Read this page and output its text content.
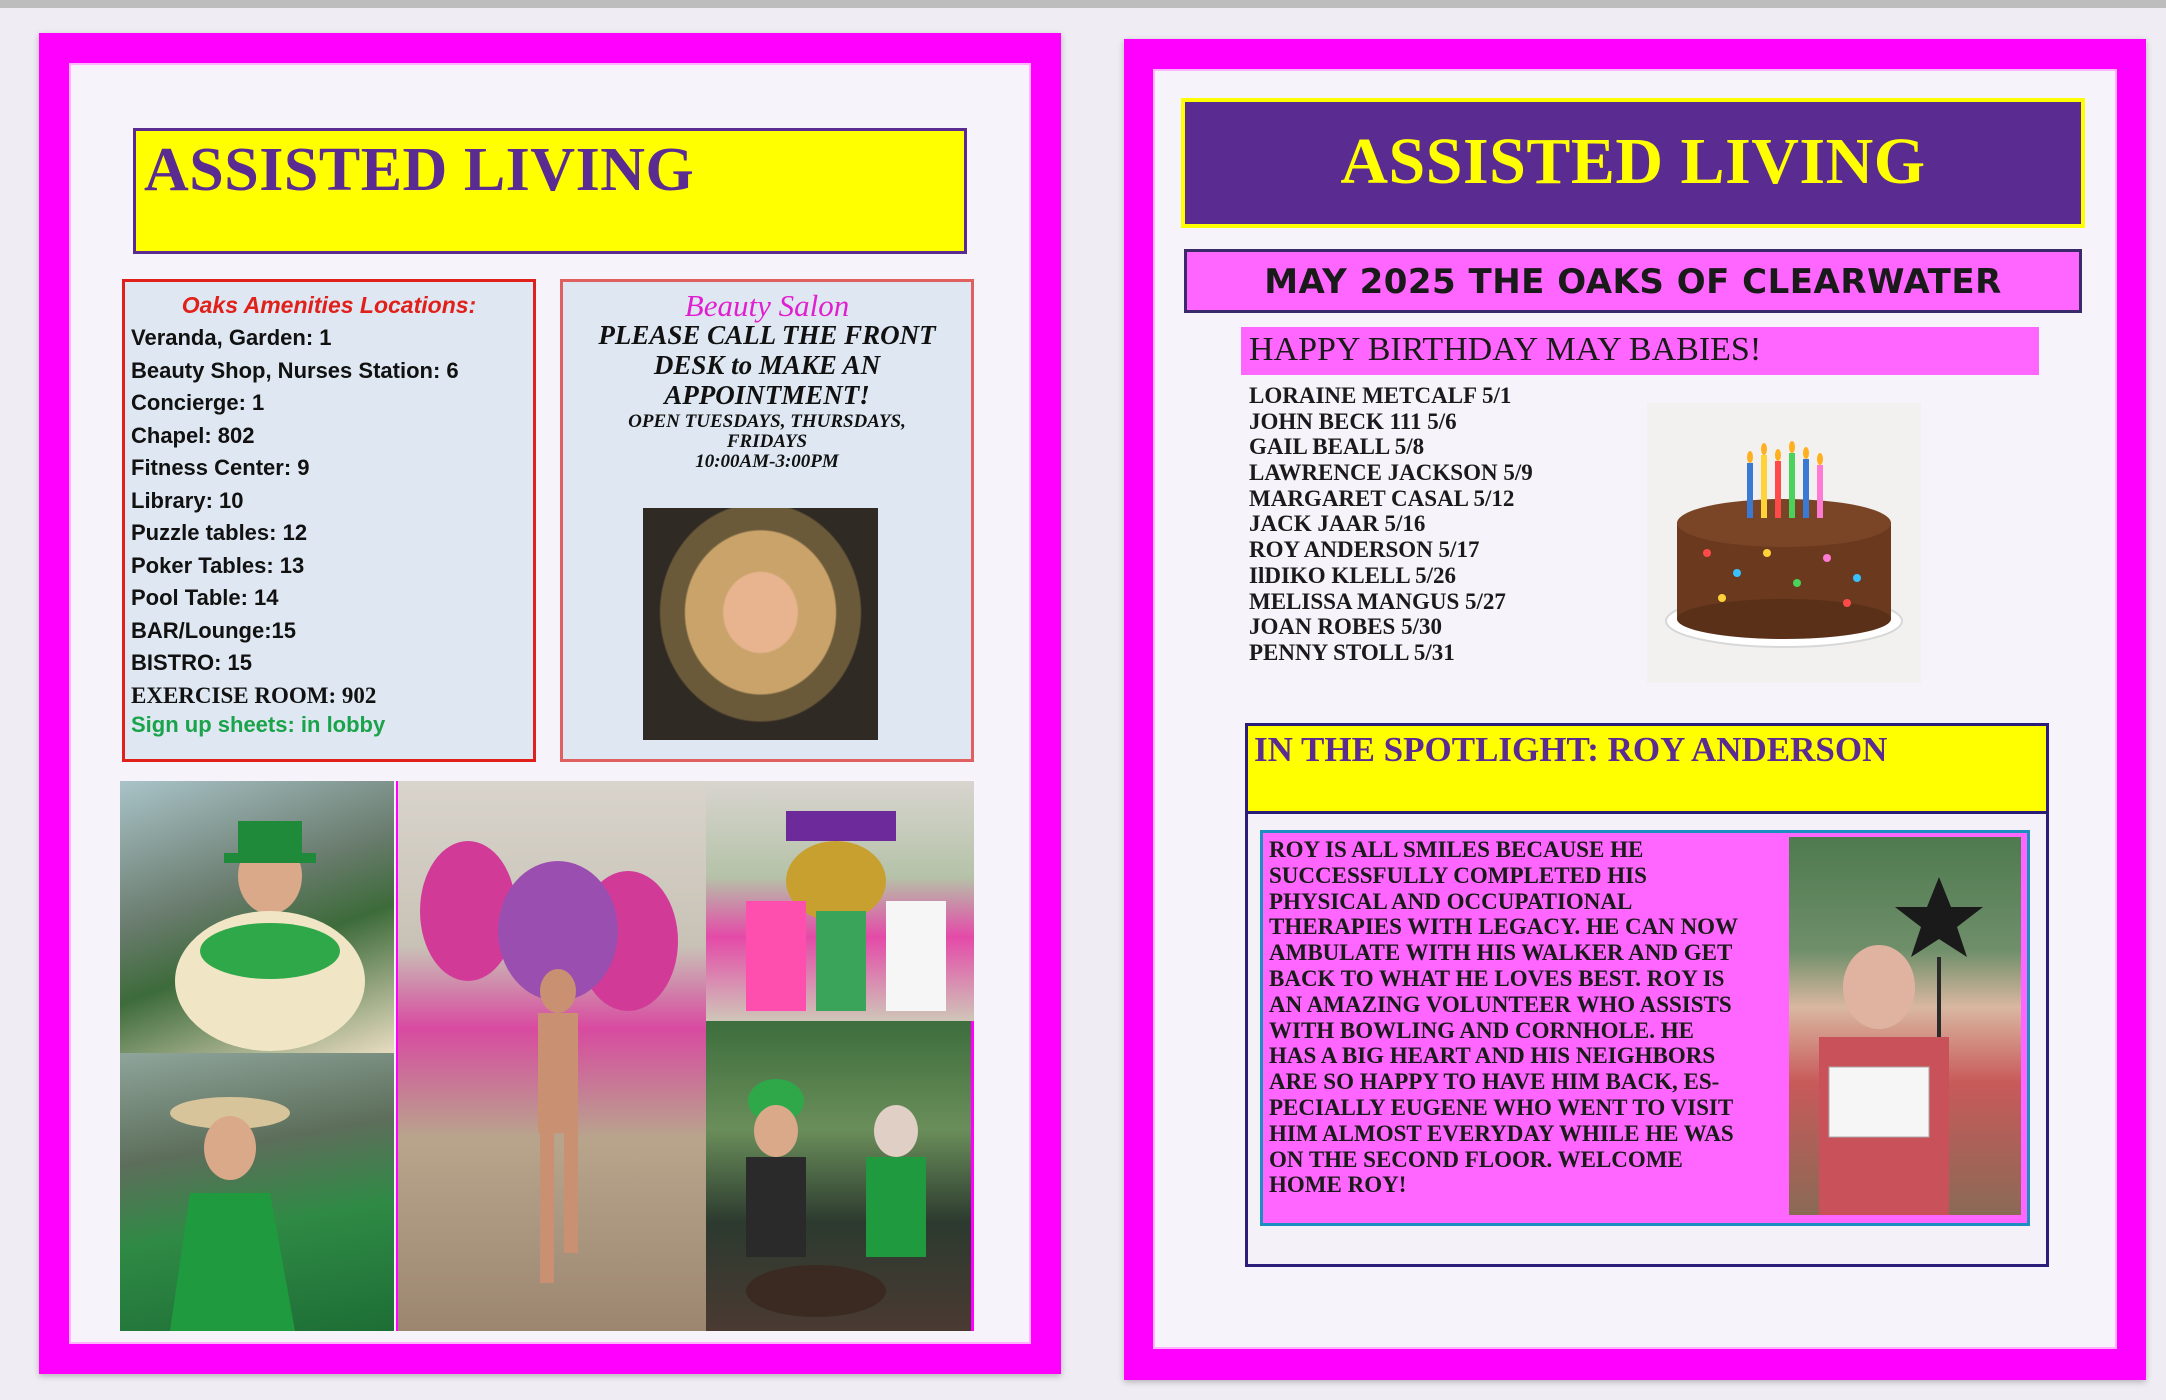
ASSISTED LIVING
Oaks Amenities Locations:
Veranda, Garden: 1
Beauty Shop, Nurses Station: 6
Concierge: 1
Chapel: 802
Fitness Center: 9
Library: 10
Puzzle tables: 12
Poker Tables: 13
Pool Table: 14
BAR/Lounge:15
BISTRO: 15
EXERCISE ROOM: 902
Sign up sheets: in lobby
Beauty Salon
PLEASE CALL THE FRONT
DESK to MAKE AN
APPOINTMENT!
OPEN TUESDAYS, THURSDAYS,
FRIDAYS
10:00AM-3:00PM
ASSISTED LIVING
MAY 2025 THE OAKS OF CLEARWATER
HAPPY BIRTHDAY MAY BABIES!
LORAINE METCALF 5/1
JOHN BECK 111 5/6
GAIL BEALL 5/8
LAWRENCE JACKSON 5/9
MARGARET CASAL 5/12
JACK JAAR 5/16
ROY ANDERSON 5/17
IlDIKO KLELL 5/26
MELISSA MANGUS 5/27
JOAN ROBES 5/30
PENNY STOLL 5/31
IN THE SPOTLIGHT: ROY ANDERSON

ROY IS ALL SMILES BECAUSE HE
SUCCESSFULLY COMPLETED HIS
PHYSICAL AND OCCUPATIONAL
THERAPIES WITH LEGACY. HE CAN NOW
AMBULATE WITH HIS WALKER AND GET
BACK TO WHAT HE LOVES BEST. ROY IS
AN AMAZING VOLUNTEER WHO ASSISTS
WITH BOWLING AND CORNHOLE. HE
HAS A BIG HEART AND HIS NEIGHBORS
ARE SO HAPPY TO HAVE HIM BACK, ES-
PECIALLY EUGENE WHO WENT TO VISIT
HIM ALMOST EVERYDAY WHILE HE WAS
ON THE SECOND FLOOR. WELCOME
HOME ROY!
